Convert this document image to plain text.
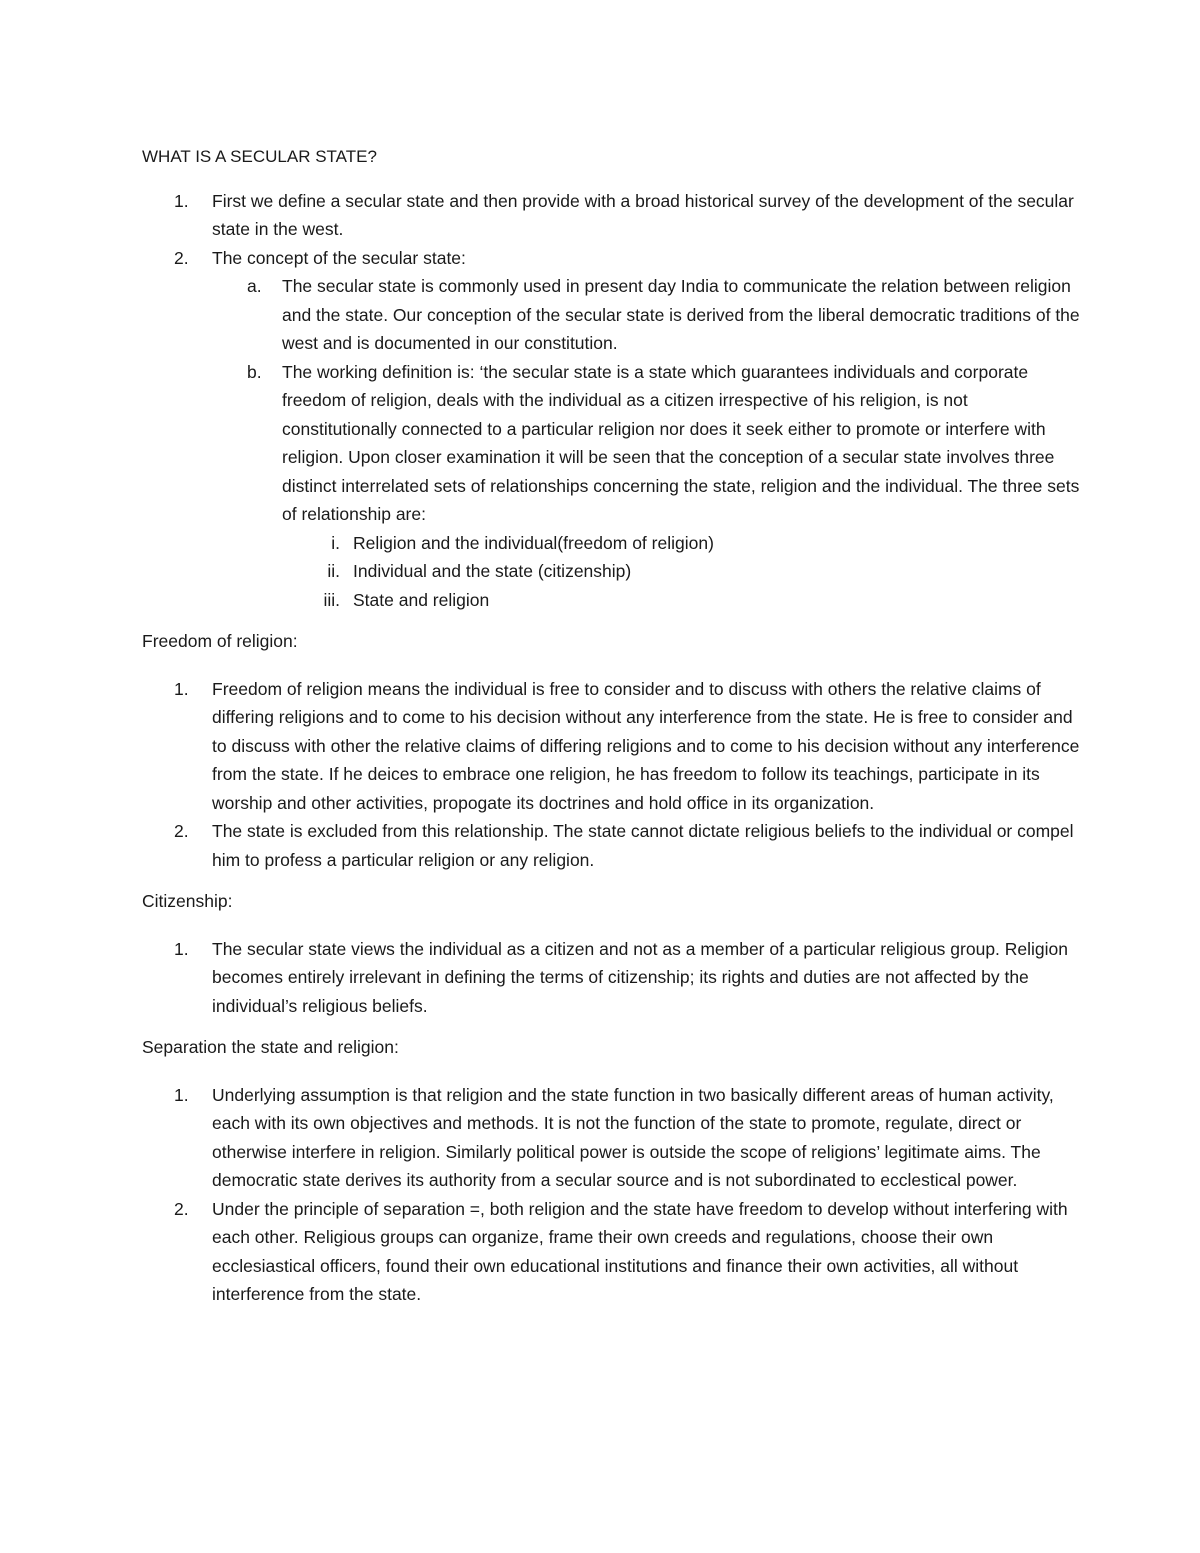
WHAT IS A SECULAR STATE?

1. First we define a secular state and then provide with a broad historical survey of the development of the secular state in the west.
2. The concept of the secular state:
a. The secular state is commonly used in present day India to communicate the relation between religion and the state. Our conception of the secular state is derived from the liberal democratic traditions of the west and is documented in our constitution.
b. The working definition is: ‘the secular state is a state which guarantees individuals and corporate freedom of religion, deals with the individual as a citizen irrespective of his religion, is not constitutionally connected to a particular religion nor does it seek either to promote or interfere with religion. Upon closer examination it will be seen that the conception of a secular state involves three distinct interrelated sets of relationships concerning the state, religion and the individual. The three sets of relationship are:
i. Religion and the individual(freedom of religion)
ii. Individual and the state (citizenship)
iii. State and religion

Freedom of religion:

1. Freedom of religion means the individual is free to consider and to discuss with others the relative claims of differing religions and to come to his decision without any interference from the state. He is free to consider and to discuss with other the relative claims of differing religions and to come to his decision without any interference from the state. If he deices to embrace one religion, he has freedom to follow its teachings, participate in its worship and other activities, propogate its doctrines and hold office in its organization.
2. The state is excluded from this relationship. The state cannot dictate religious beliefs to the individual or compel him to profess a particular religion or any religion.

Citizenship:

1. The secular state views the individual as a citizen and not as a member of a particular religious group. Religion becomes entirely irrelevant in defining the terms of citizenship; its rights and duties are not affected by the individual’s religious beliefs.

Separation the state and religion:

1. Underlying assumption is that religion and the state function in two basically different areas of human activity, each with its own objectives and methods. It is not the function of the state to promote, regulate, direct or otherwise interfere in religion. Similarly political power is outside the scope of religions’ legitimate aims. The democratic state derives its authority from a secular source and is not subordinated to ecclestical power.
2. Under the principle of separation =, both religion and the state have freedom to develop without interfering with each other. Religious groups can organize, frame their own creeds and regulations, choose their own ecclesiastical officers, found their own educational institutions and finance their own activities, all without interference from the state.
